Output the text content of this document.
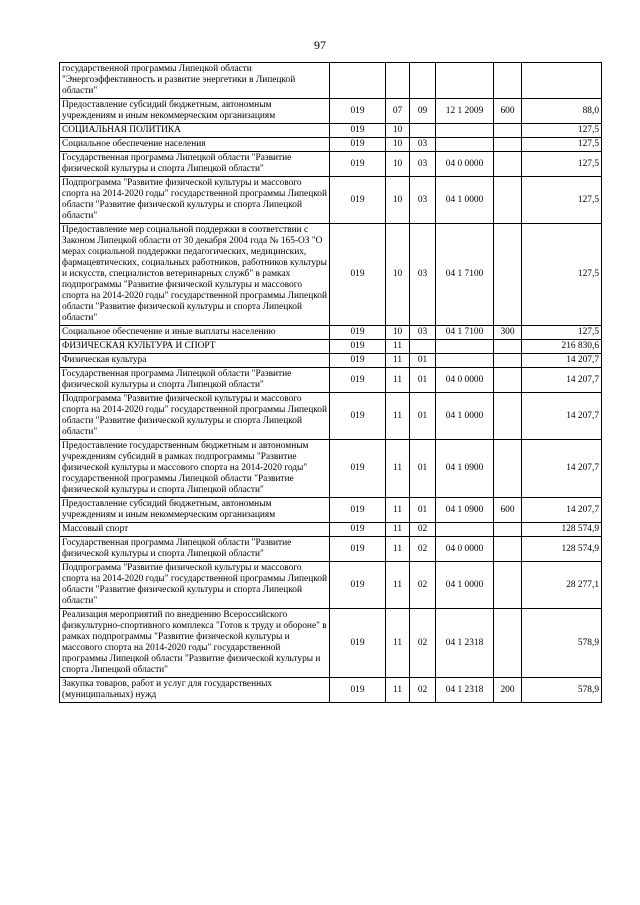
97
государственной программы Липецкой области "Энергоэффективность и развитие энергетики в Липецкой области"						
Предоставление субсидий бюджетным, автономным учреждениям и иным некоммерческим организациям	019	07	09	12 1 2009	600	88,0
СОЦИАЛЬНАЯ ПОЛИТИКА	019	10				127,5
Социальное обеспечение населения	019	10	03			127,5
Государственная программа Липецкой области "Развитие физической культуры и спорта Липецкой области"	019	10	03	04 0 0000		127,5
Подпрограмма "Развитие физической культуры и массового спорта на 2014-2020 годы" государственной программы Липецкой области "Развитие физической культуры и спорта Липецкой области"	019	10	03	04 1 0000		127,5
Предоставление мер социальной поддержки в соответствии с Законом Липецкой области от 30 декабря 2004 года № 165-ОЗ "О мерах социальной поддержки педагогических, медицинских, фармацевтических, социальных работников, работников культуры и искусств, специалистов ветеринарных служб" в рамках подпрограммы "Развитие физической культуры и массового спорта на 2014-2020 годы" государственной программы Липецкой области "Развитие физической культуры и спорта Липецкой области"	019	10	03	04 1 7100		127,5
Социальное обеспечение и иные выплаты населению	019	10	03	04 1 7100	300	127,5
ФИЗИЧЕСКАЯ КУЛЬТУРА И СПОРТ	019	11				216 830,6
Физическая культура	019	11	01			14 207,7
Государственная программа Липецкой области "Развитие физической культуры и спорта Липецкой области"	019	11	01	04 0 0000		14 207,7
Подпрограмма "Развитие физической культуры и массового спорта на 2014-2020 годы" государственной программы Липецкой области "Развитие физической культуры и спорта Липецкой области"	019	11	01	04 1 0000		14 207,7
Предоставление государственным бюджетным и автономным учреждениям субсидий в рамках подпрограммы "Развитие физической культуры и массового спорта на 2014-2020 годы" государственной программы Липецкой области "Развитие физической культуры и спорта Липецкой области"	019	11	01	04 1 0900		14 207,7
Предоставление субсидий бюджетным, автономным учреждениям и иным некоммерческим организациям	019	11	01	04 1 0900	600	14 207,7
Массовый спорт	019	11	02			128 574,9
Государственная программа Липецкой области "Развитие физической культуры и спорта Липецкой области"	019	11	02	04 0 0000		128 574,9
Подпрограмма "Развитие физической культуры и массового спорта на 2014-2020 годы" государственной программы Липецкой области "Развитие физической культуры и спорта Липецкой области"	019	11	02	04 1 0000		28 277,1
Реализация мероприятий по внедрению Всероссийского физкультурно-спортивного комплекса "Готов к труду и обороне" в рамках подпрограммы "Развитие физической культуры и массового спорта на 2014-2020 годы" государственной программы Липецкой области "Развитие физической культуры и спорта Липецкой области"	019	11	02	04 1 2318		578,9
Закупка товаров, работ и услуг для государственных (муниципальных) нужд	019	11	02	04 1 2318	200	578,9
